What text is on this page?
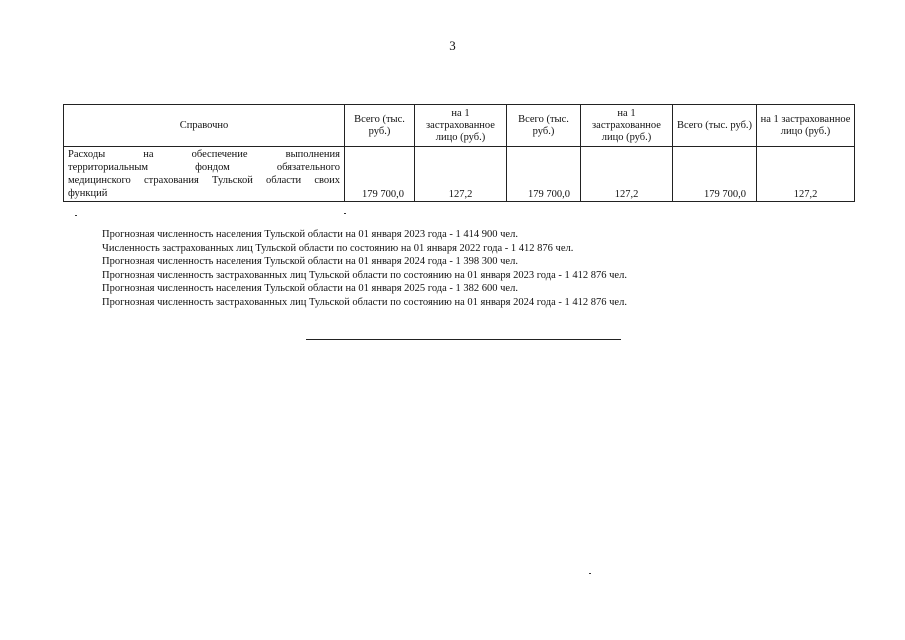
3
Справочно	Всего (тыс. руб.)	на 1 застрахованное лицо (руб.)	Всего (тыс. руб.)	на 1 застрахованное лицо (руб.)	Всего (тыс. руб.)	на 1 застрахованное лицо (руб.)

Расходы на обеспечение выполнения
территориальным фондом обязательного
медицинского страхования Тульской области своих
функций	179 700,0	127,2	179 700,0	127,2	179 700,0	127,2
Прогнозная численность населения Тульской области на 01 января 2023 года - 1 414 900 чел.
Численность застрахованных лиц Тульской области по состоянию на 01 января 2022 года - 1 412 876 чел.
Прогнозная численность населения Тульской области на 01 января 2024 года - 1 398 300 чел.
Прогнозная численность застрахованных лиц Тульской области по состоянию на 01 января 2023 года - 1 412 876 чел.
Прогнозная численность населения Тульской области на 01 января 2025 года - 1 382 600 чел.
Прогнозная численность застрахованных лиц Тульской области по состоянию на 01 января 2024 года - 1 412 876 чел.
